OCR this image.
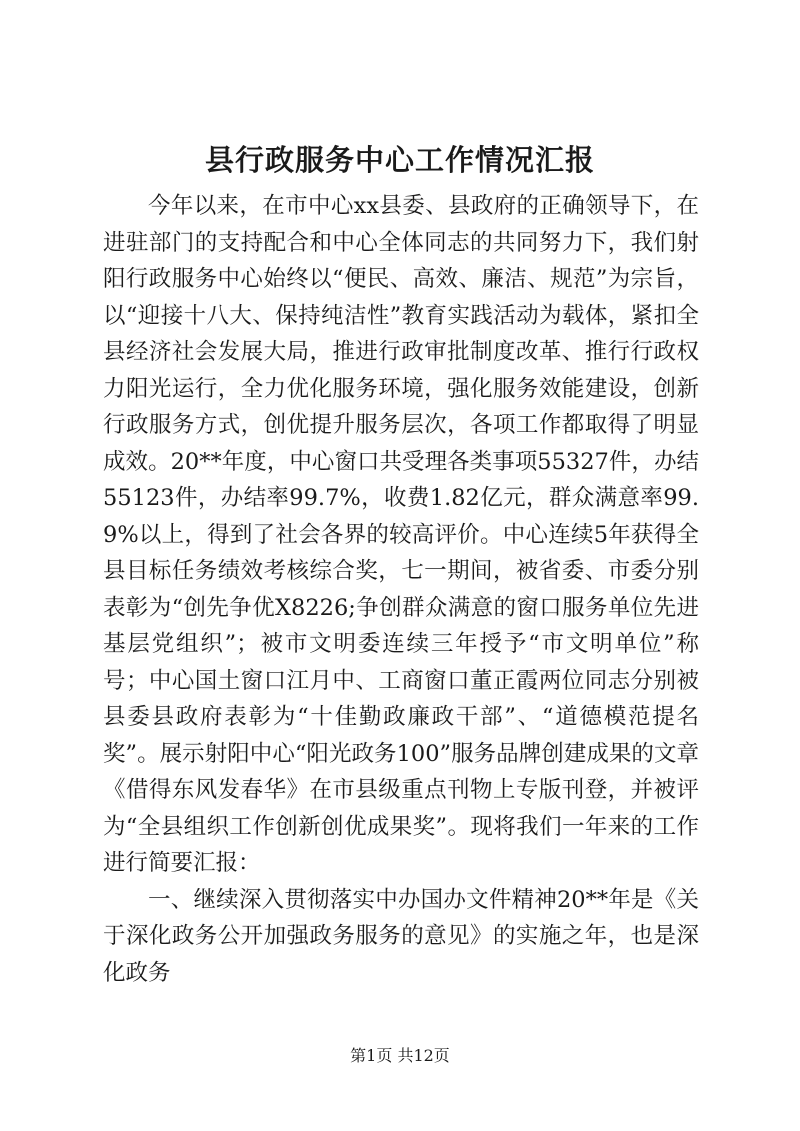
县行政服务中心工作情况汇报

今年以来，在市中心xx县委、县政府的正确领导下，在进驻部门的支持配合和中心全体同志的共同努力下，我们射阳行政服务中心始终以“便民、高效、廉洁、规范”为宗旨，以“迎接十八大、保持纯洁性”教育实践活动为载体，紧扣全县经济社会发展大局，推进行政审批制度改革、推行行政权力阳光运行，全力优化服务环境，强化服务效能建设，创新行政服务方式，创优提升服务层次，各项工作都取得了明显成效。20**年度，中心窗口共受理各类事项55327件，办结55123件，办结率99.7%，收费1.82亿元，群众满意率99.9%以上，得到了社会各界的较高评价。中心连续5年获得全县目标任务绩效考核综合奖，七一期间，被省委、市委分别表彰为“创先争优X8226;争创群众满意的窗口服务单位先进基层党组织”；被市文明委连续三年授予“市文明单位”称号；中心国土窗口江月中、工商窗口董正霞两位同志分别被县委县政府表彰为“十佳勤政廉政干部”、“道德模范提名奖”。展示射阳中心“阳光政务100”服务品牌创建成果的文章《借得东风发春华》在市县级重点刊物上专版刊登，并被评为“全县组织工作创新创优成果奖”。现将我们一年来的工作进行简要汇报：

一、继续深入贯彻落实中办国办文件精神20**年是《关于深化政务公开加强政务服务的意见》的实施之年，也是深化政务

第1页 共12页
